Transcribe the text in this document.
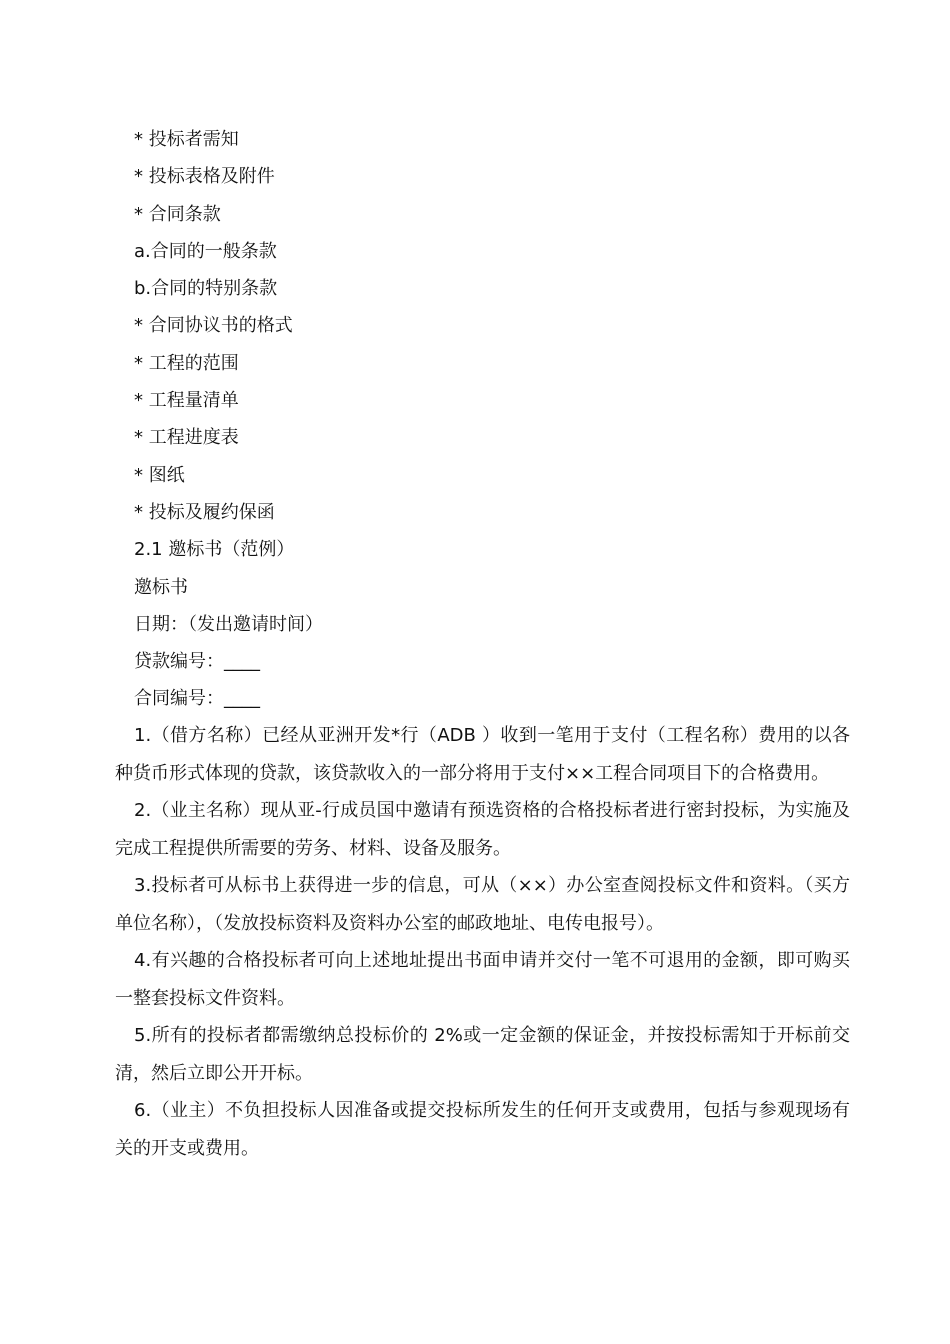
* 投标者需知
* 投标表格及附件
* 合同条款
a.合同的一般条款
b.合同的特别条款
* 合同协议书的格式
* 工程的范围
* 工程量清单
* 工程进度表
* 图纸
* 投标及履约保函
2.1 邀标书（范例）
邀标书
日期：（发出邀请时间）
贷款编号：____
合同编号：____

1.（借方名称）已经从亚洲开发*行（ADB ）收到一笔用于支付（工程名称）费用的以各种货币形式体现的贷款，该贷款收入的一部分将用于支付××工程合同项目下的合格费用。

2.（业主名称）现从亚-行成员国中邀请有预选资格的合格投标者进行密封投标，为实施及完成工程提供所需要的劳务、材料、设备及服务。

3.投标者可从标书上获得进一步的信息，可从（××）办公室查阅投标文件和资料。（买方单位名称），（发放投标资料及资料办公室的邮政地址、电传电报号）。

4.有兴趣的合格投标者可向上述地址提出书面申请并交付一笔不可退用的金额，即可购买一整套投标文件资料。

5.所有的投标者都需缴纳总投标价的 2%或一定金额的保证金，并按投标需知于开标前交清，然后立即公开开标。

6.（业主）不负担投标人因准备或提交投标所发生的任何开支或费用，包括与参观现场有关的开支或费用。
